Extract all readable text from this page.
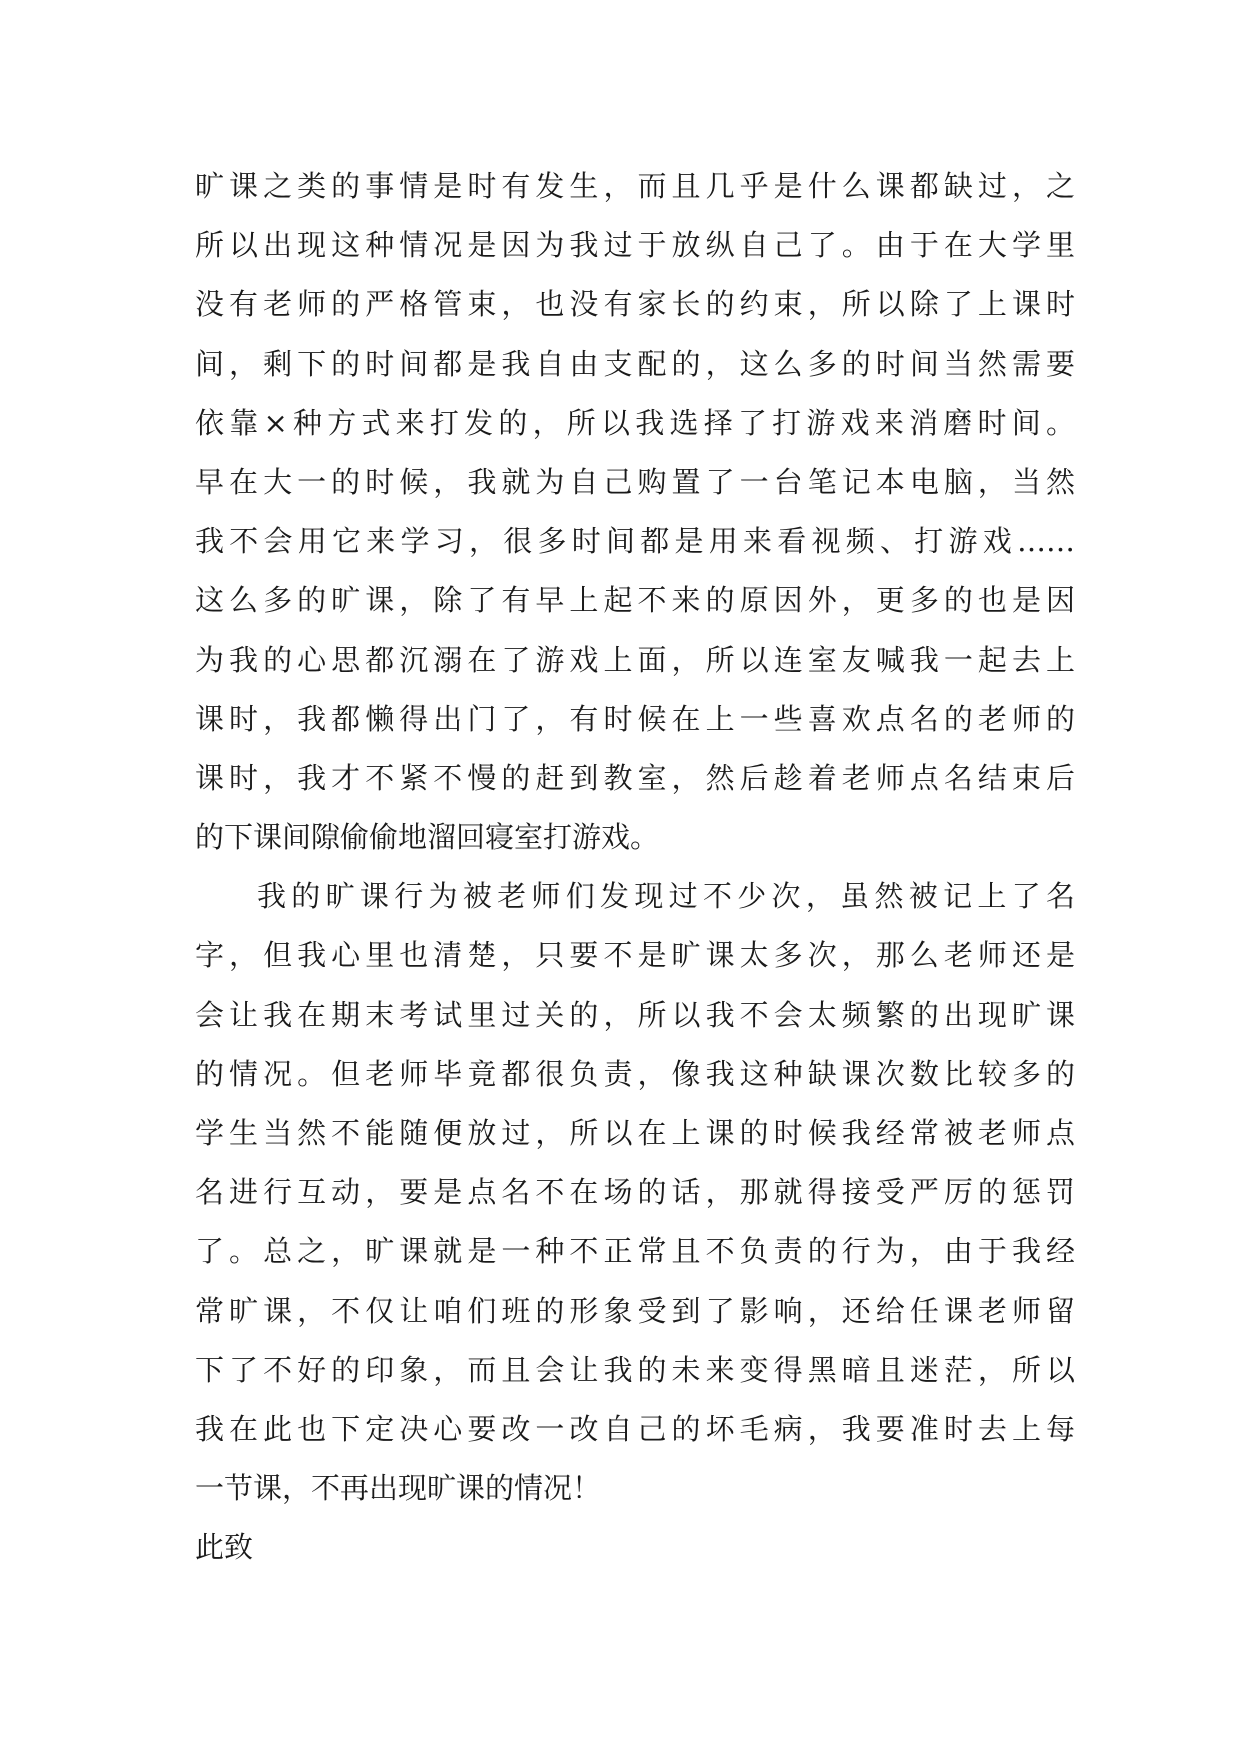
旷课之类的事情是时有发生，而且几乎是什么课都缺过，之
所以出现这种情况是因为我过于放纵自己了。由于在大学里
没有老师的严格管束，也没有家长的约束，所以除了上课时
间，剩下的时间都是我自由支配的，这么多的时间当然需要
依靠×种方式来打发的，所以我选择了打游戏来消磨时间。
早在大一的时候，我就为自己购置了一台笔记本电脑，当然
我不会用它来学习，很多时间都是用来看视频、打游戏……
这么多的旷课，除了有早上起不来的原因外，更多的也是因
为我的心思都沉溺在了游戏上面，所以连室友喊我一起去上
课时，我都懒得出门了，有时候在上一些喜欢点名的老师的
课时，我才不紧不慢的赶到教室，然后趁着老师点名结束后
的下课间隙偷偷地溜回寝室打游戏。
我的旷课行为被老师们发现过不少次，虽然被记上了名
字，但我心里也清楚，只要不是旷课太多次，那么老师还是
会让我在期末考试里过关的，所以我不会太频繁的出现旷课
的情况。但老师毕竟都很负责，像我这种缺课次数比较多的
学生当然不能随便放过，所以在上课的时候我经常被老师点
名进行互动，要是点名不在场的话，那就得接受严厉的惩罚
了。总之，旷课就是一种不正常且不负责的行为，由于我经
常旷课，不仅让咱们班的形象受到了影响，还给任课老师留
下了不好的印象，而且会让我的未来变得黑暗且迷茫，所以
我在此也下定决心要改一改自己的坏毛病，我要准时去上每
一节课，不再出现旷课的情况！
此致
